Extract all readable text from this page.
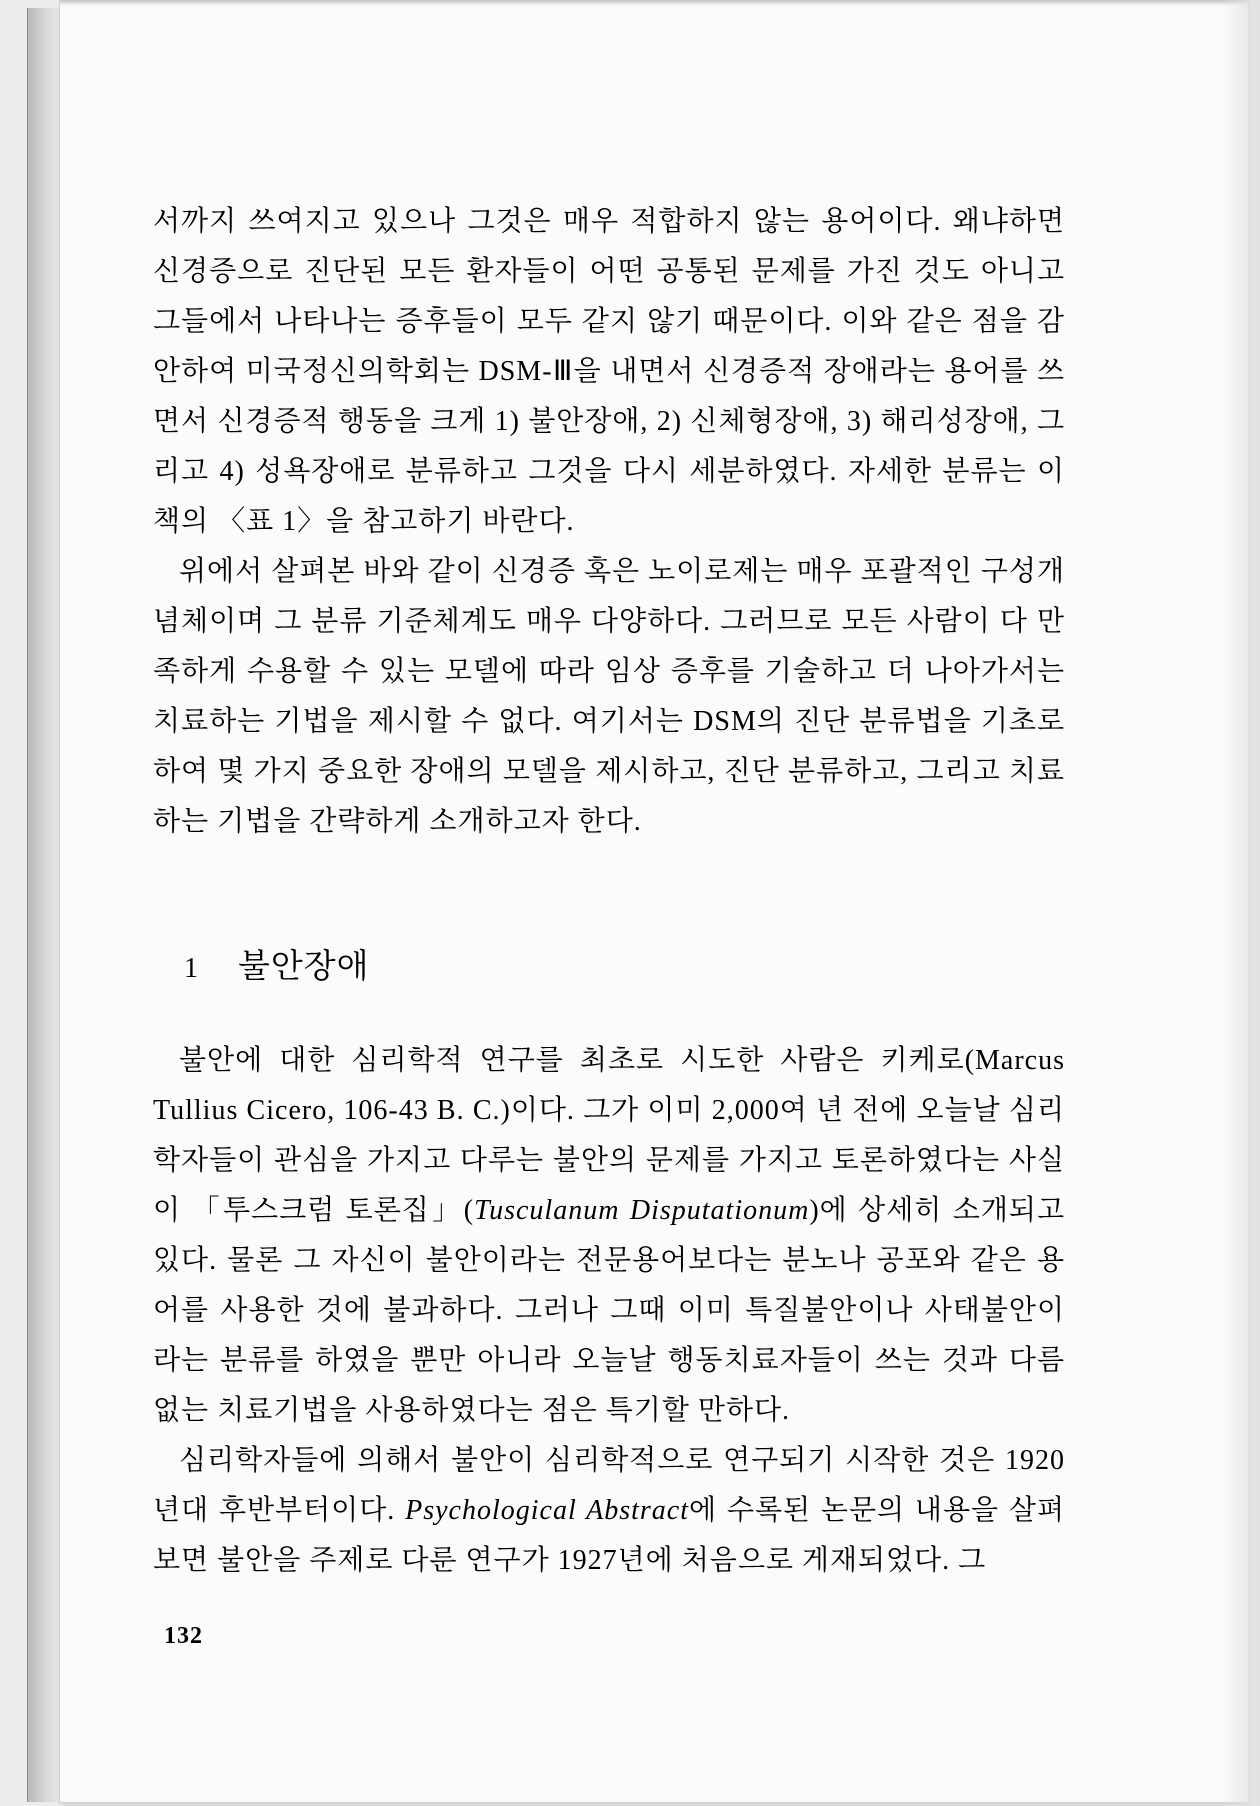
서까지 쓰여지고 있으나 그것은 매우 적합하지 않는 용어이다. 왜냐하면 신경증으로 진단된 모든 환자들이 어떤 공통된 문제를 가진 것도 아니고 그들에서 나타나는 증후들이 모두 같지 않기 때문이다. 이와 같은 점을 감안하여 미국정신의학회는 DSM-Ⅲ을 내면서 신경증적 장애라는 용어를 쓰면서 신경증적 행동을 크게 1) 불안장애, 2) 신체형장애, 3) 해리성장애, 그리고 4) 성욕장애로 분류하고 그것을 다시 세분하였다. 자세한 분류는 이 책의 〈표 1〉을 참고하기 바란다.

위에서 살펴본 바와 같이 신경증 혹은 노이로제는 매우 포괄적인 구성개념체이며 그 분류 기준체계도 매우 다양하다. 그러므로 모든 사람이 다 만족하게 수용할 수 있는 모델에 따라 임상 증후를 기술하고 더 나아가서는 치료하는 기법을 제시할 수 없다. 여기서는 DSM의 진단 분류법을 기초로 하여 몇 가지 중요한 장애의 모델을 제시하고, 진단 분류하고, 그리고 치료하는 기법을 간략하게 소개하고자 한다.

1 불안장애

불안에 대한 심리학적 연구를 최초로 시도한 사람은 키케로(Marcus Tullius Cicero, 106-43 B. C.)이다. 그가 이미 2,000여 년 전에 오늘날 심리학자들이 관심을 가지고 다루는 불안의 문제를 가지고 토론하였다는 사실이 「투스크럼 토론집」(Tusculanum Disputationum)에 상세히 소개되고 있다. 물론 그 자신이 불안이라는 전문용어보다는 분노나 공포와 같은 용어를 사용한 것에 불과하다. 그러나 그때 이미 특질불안이나 사태불안이라는 분류를 하였을 뿐만 아니라 오늘날 행동치료자들이 쓰는 것과 다름없는 치료기법을 사용하였다는 점은 특기할 만하다.

심리학자들에 의해서 불안이 심리학적으로 연구되기 시작한 것은 1920년대 후반부터이다. Psychological Abstract에 수록된 논문의 내용을 살펴보면 불안을 주제로 다룬 연구가 1927년에 처음으로 게재되었다. 그

132
